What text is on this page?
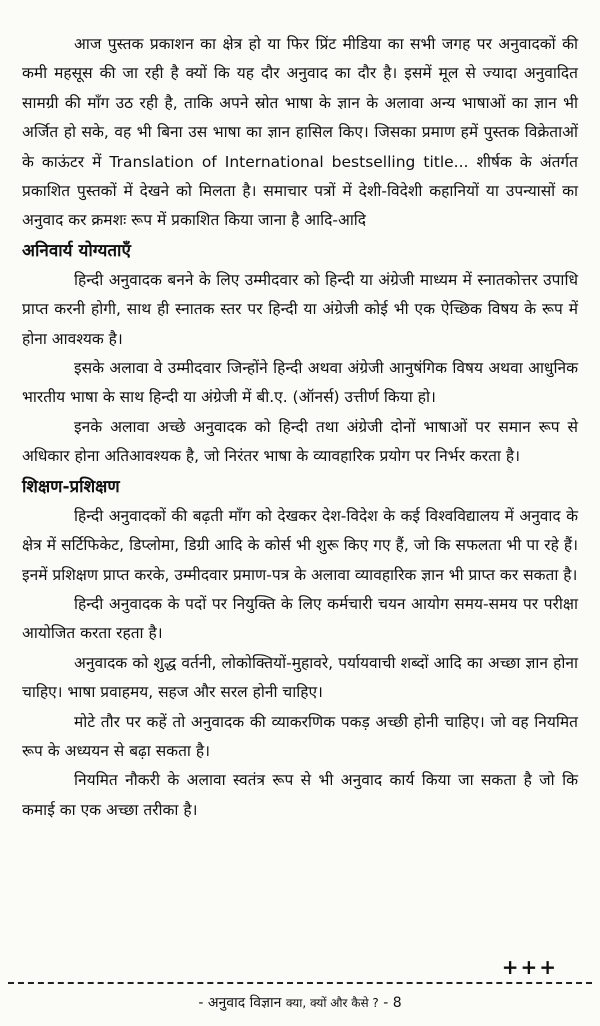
आज पुस्तक प्रकाशन का क्षेत्र हो या फिर प्रिंट मीडिया का सभी जगह पर अनुवादकों की कमी महसूस की जा रही है क्यों कि यह दौर अनुवाद का दौर है। इसमें मूल से ज्यादा अनुवादित सामग्री की माँग उठ रही है, ताकि अपने स्रोत भाषा के ज्ञान के अलावा अन्य भाषाओं का ज्ञान भी अर्जित हो सके, वह भी बिना उस भाषा का ज्ञान हासिल किए। जिसका प्रमाण हमें पुस्तक विक्रेताओं के काऊंटर में Translation of International bestselling title... शीर्षक के अंतर्गत प्रकाशित पुस्तकों में देखने को मिलता है। समाचार पत्रों में देशी-विदेशी कहानियों या उपन्यासों का अनुवाद कर क्रमशः रूप में प्रकाशित किया जाना है आदि-आदि

अनिवार्य योग्यताएँ

हिन्दी अनुवादक बनने के लिए उम्मीदवार को हिन्दी या अंग्रेजी माध्यम में स्नातकोत्तर उपाधि प्राप्त करनी होगी, साथ ही स्नातक स्तर पर हिन्दी या अंग्रेजी कोई भी एक ऐच्छिक विषय के रूप में होना आवश्यक है।

इसके अलावा वे उम्मीदवार जिन्होंने हिन्दी अथवा अंग्रेजी आनुषंगिक विषय अथवा आधुनिक भारतीय भाषा के साथ हिन्दी या अंग्रेजी में बी.ए. (ऑनर्स) उत्तीर्ण किया हो।

इनके अलावा अच्छे अनुवादक को हिन्दी तथा अंग्रेजी दोनों भाषाओं पर समान रूप से अधिकार होना अतिआवश्यक है, जो निरंतर भाषा के व्यावहारिक प्रयोग पर निर्भर करता है।

शिक्षण-प्रशिक्षण

हिन्दी अनुवादकों की बढ़ती माँग को देखकर देश-विदेश के कई विश्वविद्यालय में अनुवाद के क्षेत्र में सर्टिफिकेट, डिप्लोमा, डिग्री आदि के कोर्स भी शुरू किए गए हैं, जो कि सफलता भी पा रहे हैं। इनमें प्रशिक्षण प्राप्त करके, उम्मीदवार प्रमाण-पत्र के अलावा व्यावहारिक ज्ञान भी प्राप्त कर सकता है।

हिन्दी अनुवादक के पदों पर नियुक्ति के लिए कर्मचारी चयन आयोग समय-समय पर परीक्षा आयोजित करता रहता है।

अनुवादक को शुद्ध वर्तनी, लोकोक्तियों-मुहावरे, पर्यायवाची शब्दों आदि का अच्छा ज्ञान होना चाहिए। भाषा प्रवाहमय, सहज और सरल होनी चाहिए।

मोटे तौर पर कहें तो अनुवादक की व्याकरणिक पकड़ अच्छी होनी चाहिए। जो वह नियमित रूप के अध्ययन से बढ़ा सकता है।

नियमित नौकरी के अलावा स्वतंत्र रूप से भी अनुवाद कार्य किया जा सकता है जो कि कमाई का एक अच्छा तरीका है।

+++
- अनुवाद विज्ञान क्या, क्यों और कैसे ? - 8
